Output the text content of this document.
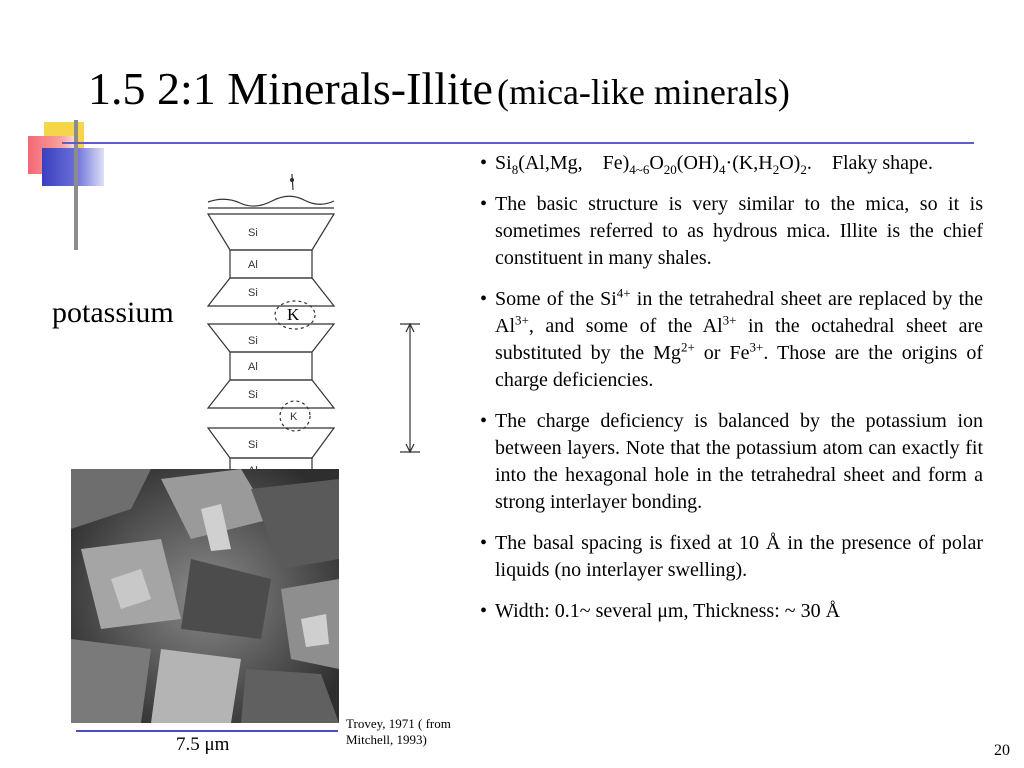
1.5 2:1 Minerals-Illite (mica-like minerals)
Si
Al
Si
Si
Al
Si
Si
K
potassium	K
7.5 μm
Trovey, 1971 ( from Mitchell, 1993)
• $Si_8(Al,Mg$,    $Fe)_{4\sim 6}O_{20}(OH)_4\cdot(K,H_2O)_2$.    Flaky shape.
• The basic structure is very similar to the mica, so it is sometimes referred to as hydrous mica. Illite is the chief constituent in many shales.
• Some of the $Si^{4+}$ in the tetrahedral sheet are replaced by the $Al^{3+}$, and some of the $Al^{3+}$ in the octahedral sheet are substituted by the $Mg^{2+}$ or $Fe^{3+}$. Those are the origins of charge deficiencies.
• The charge deficiency is balanced by the potassium ion between layers. Note that the potassium atom can exactly fit into the hexagonal hole in the tetrahedral sheet and form a strong interlayer bonding.
• The basal spacing is fixed at 10 Å in the presence of polar liquids (no interlayer swelling).
• Width: 0.1~ several μm, Thickness: ~ 30 Å
20
